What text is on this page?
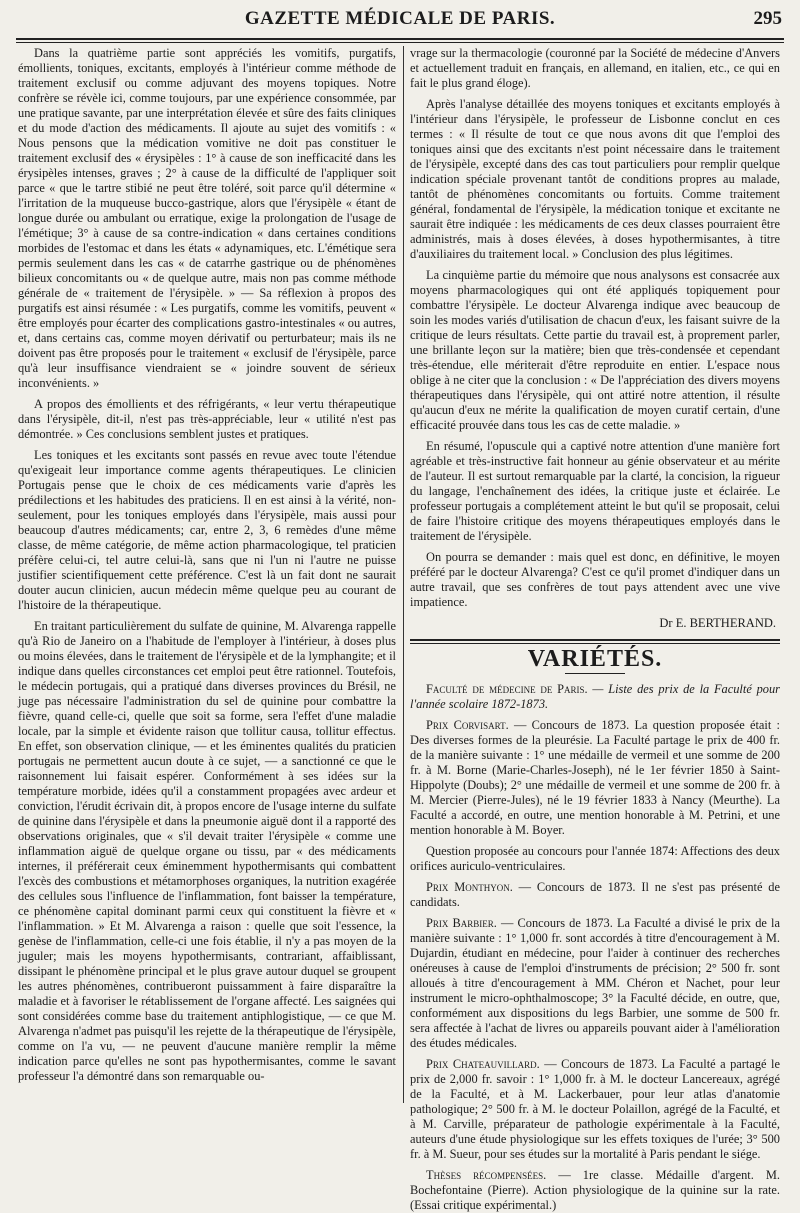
GAZETTE MÉDICALE DE PARIS.	295

Dans la quatrième partie sont appréciés les vomitifs, purgatifs, émollients, toniques, excitants, employés à l'intérieur comme méthode de traitement exclusif ou comme adjuvant des moyens topiques. Notre confrère se révèle ici, comme toujours, par une expérience consommée, par une pratique savante, par une interprétation élevée et sûre des faits cliniques et du mode d'action des médicaments. Il ajoute au sujet des vomitifs : « Nous pensons que la médication vomitive ne doit pas constituer le traitement exclusif des « érysipèles : 1° à cause de son inefficacité dans les érysipèles intenses, graves ; 2° à cause de la difficulté de l'appliquer soit parce « que le tartre stibié ne peut être toléré, soit parce qu'il détermine « l'irritation de la muqueuse bucco-gastrique, alors que l'érysipèle « étant de longue durée ou ambulant ou erratique, exige la prolongation de l'usage de l'émétique; 3° à cause de sa contre-indication « dans certaines conditions morbides de l'estomac et dans les états « adynamiques, etc. L'émétique sera permis seulement dans les cas « de catarrhe gastrique ou de phénomènes bilieux concomitants ou « de quelque autre, mais non pas comme méthode générale de « traitement de l'érysipèle. » — Sa réflexion à propos des purgatifs est ainsi résumée : « Les purgatifs, comme les vomitifs, peuvent « être employés pour écarter des complications gastro-intestinales « ou autres, et, dans certains cas, comme moyen dérivatif ou perturbateur; mais ils ne doivent pas être proposés pour le traitement « exclusif de l'érysipèle, parce qu'à leur insuffisance viendraient se « joindre souvent de sérieux inconvénients. »

A propos des émollients et des réfrigérants, « leur vertu thérapeutique dans l'érysipèle, dit-il, n'est pas très-appréciable, leur « utilité n'est pas démontrée. » Ces conclusions semblent justes et pratiques.

Les toniques et les excitants sont passés en revue avec toute l'étendue qu'exigeait leur importance comme agents thérapeutiques. Le clinicien Portugais pense que le choix de ces médicaments varie d'après les prédilections et les habitudes des praticiens. Il en est ainsi à la vérité, non-seulement, pour les toniques employés dans l'érysipèle, mais aussi pour beaucoup d'autres médicaments; car, entre 2, 3, 6 remèdes d'une même classe, de même catégorie, de même action pharmacologique, tel praticien préfère celui-ci, tel autre celui-là, sans que ni l'un ni l'autre ne puisse justifier scientifiquement cette préférence. C'est là un fait dont ne saurait douter aucun clinicien, aucun médecin même quelque peu au courant de l'histoire de la thérapeutique.

En traitant particulièrement du sulfate de quinine, M. Alvarenga rappelle qu'à Rio de Janeiro on a l'habitude de l'employer à l'intérieur, à doses plus ou moins élevées, dans le traitement de l'érysipèle et de la lymphangite; et il indique dans quelles circonstances cet emploi peut être rationnel. Toutefois, le médecin portugais, qui a pratiqué dans diverses provinces du Brésil, ne juge pas nécessaire l'administration du sel de quinine pour combattre la fièvre, quand celle-ci, quelle que soit sa forme, sera l'effet d'une maladie locale, par la simple et évidente raison que tollitur causa, tollitur effectus. En effet, son observation clinique, — et les éminentes qualités du praticien portugais ne permettent aucun doute à ce sujet, — a sanctionné ce que le raisonnement lui faisait espérer. Conformément à ses idées sur la température morbide, idées qu'il a constamment propagées avec ardeur et conviction, l'érudit écrivain dit, à propos encore de l'usage interne du sulfate de quinine dans l'érysipèle et dans la pneumonie aiguë dont il a rapporté des observations originales, que « s'il devait traiter l'érysipèle « comme une inflammation aiguë de quelque organe ou tissu, par « des médicaments internes, il préférerait ceux éminemment hypothermisants qui combattent l'excès des combustions et métamorphoses organiques, la nutrition exagérée des cellules sous l'influence de l'inflammation, font baisser la température, ce phénomène capital dominant parmi ceux qui constituent la fièvre et « l'inflammation. » Et M. Alvarenga a raison : quelle que soit l'essence, la genèse de l'inflammation, celle-ci une fois établie, il n'y a pas moyen de la juguler; mais les moyens hypothermisants, contrariant, affaiblissant, dissipant le phénomène principal et le plus grave autour duquel se groupent les autres phénomènes, contribueront puissamment à faire disparaître la maladie et à favoriser le rétablissement de l'organe affecté. Les saignées qui sont considérées comme base du traitement antiphlogistique, — ce que M. Alvarenga n'admet pas puisqu'il les rejette de la thérapeutique de l'érysipèle, comme on l'a vu, — ne peuvent d'aucune manière remplir la même indication parce qu'elles ne sont pas hypothermisantes, comme le savant professeur l'a démontré dans son remarquable ou-

vrage sur la thermacologie (couronné par la Société de médecine d'Anvers et actuellement traduit en français, en allemand, en italien, etc., ce qui en fait le plus grand éloge).

Après l'analyse détaillée des moyens toniques et excitants employés à l'intérieur dans l'érysipèle, le professeur de Lisbonne conclut en ces termes : « Il résulte de tout ce que nous avons dit que l'emploi des toniques ainsi que des excitants n'est point nécessaire dans le traitement de l'érysipèle, excepté dans des cas tout particuliers pour remplir quelque indication spéciale provenant tantôt de conditions propres au malade, tantôt de phénomènes concomitants ou fortuits. Comme traitement général, fondamental de l'érysipèle, la médication tonique et excitante ne saurait être indiquée : les médicaments de ces deux classes pourraient être administrés, mais à doses élevées, à doses hypothermisantes, à titre d'auxiliaires du traitement local. » Conclusion des plus légitimes.

La cinquième partie du mémoire que nous analysons est consacrée aux moyens pharmacologiques qui ont été appliqués topiquement pour combattre l'érysipèle. Le docteur Alvarenga indique avec beaucoup de soin les modes variés d'utilisation de chacun d'eux, les faisant suivre de la critique de leurs résultats. Cette partie du travail est, à proprement parler, une brillante leçon sur la matière; bien que très-condensée et cependant très-étendue, elle mériterait d'être reproduite en entier. L'espace nous oblige à ne citer que la conclusion : « De l'appréciation des divers moyens thérapeutiques dans l'érysipèle, qui ont attiré notre attention, il résulte qu'aucun d'eux ne mérite la qualification de moyen curatif certain, d'une efficacité prouvée dans tous les cas de cette maladie. »

En résumé, l'opuscule qui a captivé notre attention d'une manière fort agréable et très-instructive fait honneur au génie observateur et au mérite de l'auteur. Il est surtout remarquable par la clarté, la concision, la rigueur du langage, l'enchaînement des idées, la critique juste et éclairée. Le professeur portugais a complétement atteint le but qu'il se proposait, celui de faire l'histoire critique des moyens thérapeutiques employés dans le traitement de l'érysipèle.

On pourra se demander : mais quel est donc, en définitive, le moyen préféré par le docteur Alvarenga? C'est ce qu'il promet d'indiquer dans un autre travail, que ses confrères de tout pays attendent avec une vive impatience.

Dr E. BERTHERAND.
VARIÉTÉS.

Faculté de médecine de Paris. — Liste des prix de la Faculté pour l'année scolaire 1872-1873.

Prix Corvisart. — Concours de 1873. La question proposée était : Des diverses formes de la pleurésie. La Faculté partage le prix de 400 fr. de la manière suivante : 1° une médaille de vermeil et une somme de 200 fr. à M. Borne (Marie-Charles-Joseph), né le 1er février 1850 à Saint-Hippolyte (Doubs); 2° une médaille de vermeil et une somme de 200 fr. à M. Mercier (Pierre-Jules), né le 19 février 1833 à Nancy (Meurthe). La Faculté a accordé, en outre, une mention honorable à M. Petrini, et une mention honorable à M. Boyer.

Question proposée au concours pour l'année 1874: Affections des deux orifices auriculo-ventriculaires.

Prix Monthyon. — Concours de 1873. Il ne s'est pas présenté de candidats.

Prix Barbier. — Concours de 1873. La Faculté a divisé le prix de la manière suivante : 1° 1,000 fr. sont accordés à titre d'encouragement à M. Dujardin, étudiant en médecine, pour l'aider à continuer des recherches onéreuses à cause de l'emploi d'instruments de précision; 2° 500 fr. sont alloués à titre d'encouragement à MM. Chéron et Nachet, pour leur instrument le micro-ophthalmoscope; 3° la Faculté décide, en outre, que, conformément aux dispositions du legs Barbier, une somme de 500 fr. sera affectée à l'achat de livres ou appareils pouvant aider à l'amélioration des études médicales.

Prix Chateauvillard. — Concours de 1873. La Faculté a partagé le prix de 2,000 fr. savoir : 1° 1,000 fr. à M. le docteur Lancereaux, agrégé de la Faculté, et à M. Lackerbauer, pour leur atlas d'anatomie pathologique; 2° 500 fr. à M. le docteur Polaillon, agrégé de la Faculté, et à M. Carville, préparateur de pathologie expérimentale à la Faculté, auteurs d'une étude physiologique sur les effets toxiques de l'urée; 3° 500 fr. à M. Sueur, pour ses études sur la mortalité à Paris pendant le siége.

Thèses récompensées. — 1re classe. Médaille d'argent. M. Bochefontaine (Pierre). Action physiologique de la quinine sur la rate. (Essai critique expérimental.)
